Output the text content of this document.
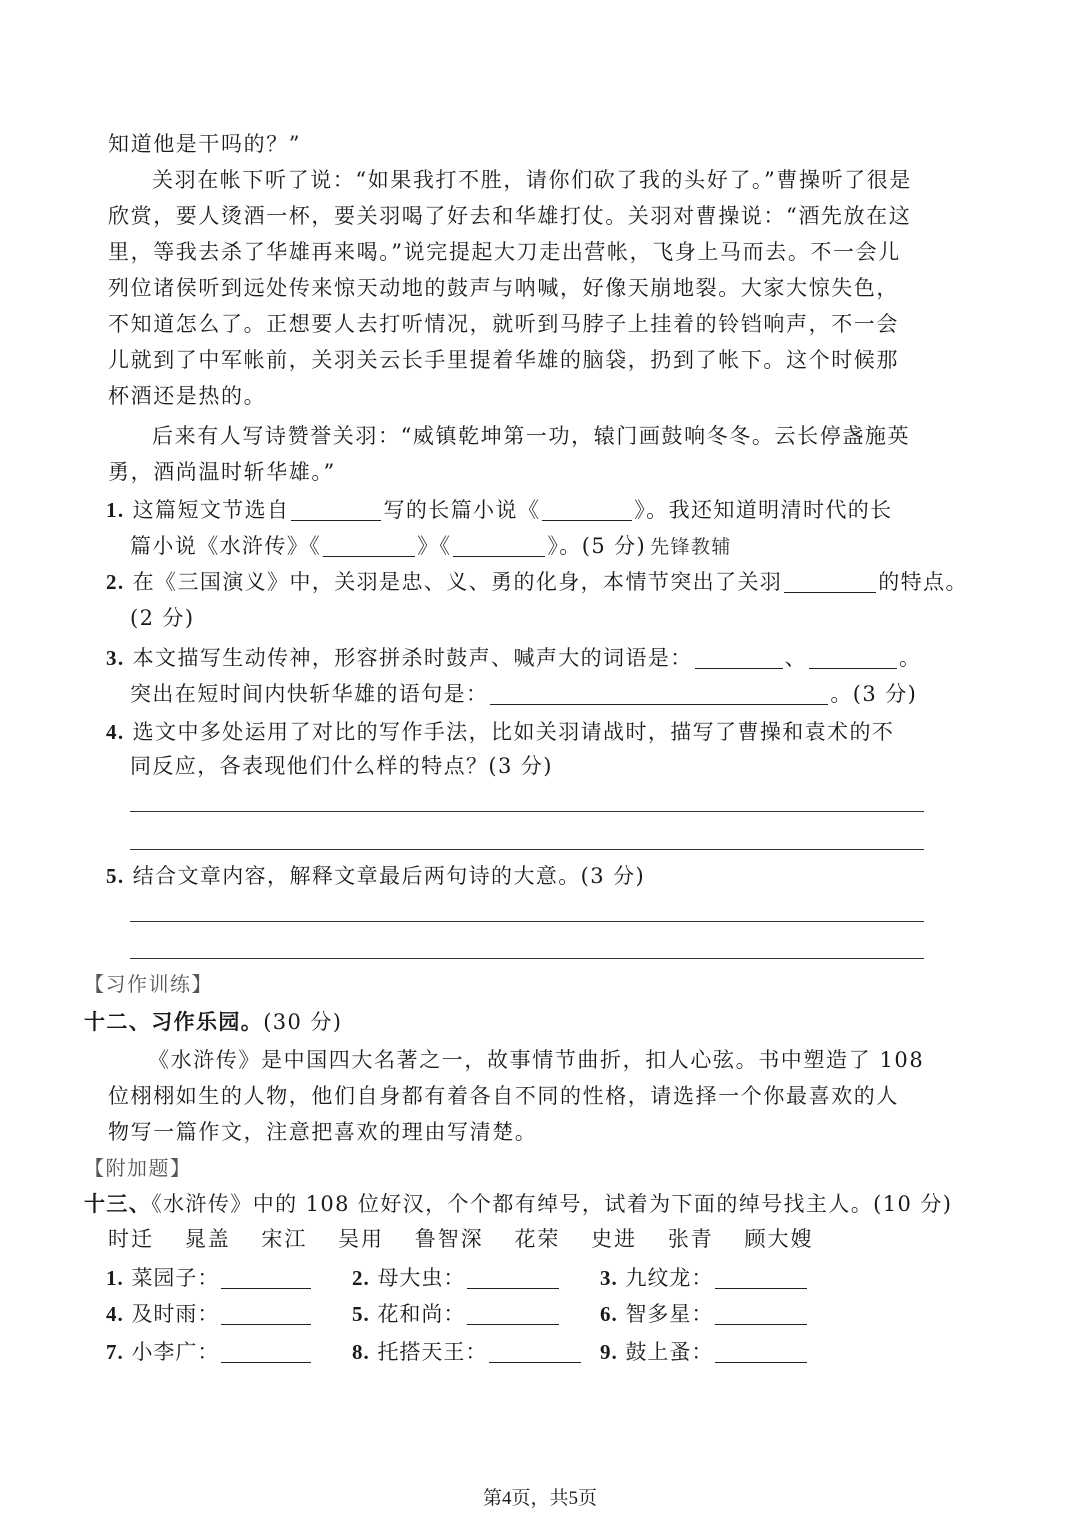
知道他是干吗的？”
关羽在帐下听了说：“如果我打不胜，请你们砍了我的头好了。”曹操听了很是
欣赏，要人烫酒一杯，要关羽喝了好去和华雄打仗。关羽对曹操说：“酒先放在这
里，等我去杀了华雄再来喝。”说完提起大刀走出营帐，飞身上马而去。不一会儿
列位诸侯听到远处传来惊天动地的鼓声与呐喊，好像天崩地裂。大家大惊失色，
不知道怎么了。正想要人去打听情况，就听到马脖子上挂着的铃铛响声，不一会
儿就到了中军帐前，关羽关云长手里提着华雄的脑袋，扔到了帐下。这个时候那
杯酒还是热的。
后来有人写诗赞誉关羽：“威镇乾坤第一功，辕门画鼓响冬冬。云长停盏施英
勇，酒尚温时斩华雄。”
1. 这篇短文节选自	写的长篇小说《	》。我还知道明清时代的长
篇小说《水浒传》《	》《	》。(5 分) 先锋教辅
2. 在《三国演义》中，关羽是忠、义、勇的化身，本情节突出了关羽	的特点。
(2 分)
3. 本文描写生动传神，形容拼杀时鼓声、喊声大的词语是：	、	。
突出在短时间内快斩华雄的语句是：	。(3 分)
4. 选文中多处运用了对比的写作手法，比如关羽请战时，描写了曹操和袁术的不
同反应，各表现他们什么样的特点？(3 分)
5. 结合文章内容，解释文章最后两句诗的大意。(3 分)
【习作训练】
十二、习作乐园。(30 分)
《水浒传》是中国四大名著之一，故事情节曲折，扣人心弦。书中塑造了 108
位栩栩如生的人物，他们自身都有着各自不同的性格，请选择一个你最喜欢的人
物写一篇作文，注意把喜欢的理由写清楚。
【附加题】
十三、《水浒传》中的 108 位好汉，个个都有绰号，试着为下面的绰号找主人。(10 分)
时迁 晁盖 宋江 吴用 鲁智深 花荣 史进 张青 顾大嫂
1. 菜园子：	2. 母大虫：	3. 九纹龙：
4. 及时雨：	5. 花和尚：	6. 智多星：
7. 小李广：	8. 托搭天王：	9. 鼓上蚤：
第4页，共5页
